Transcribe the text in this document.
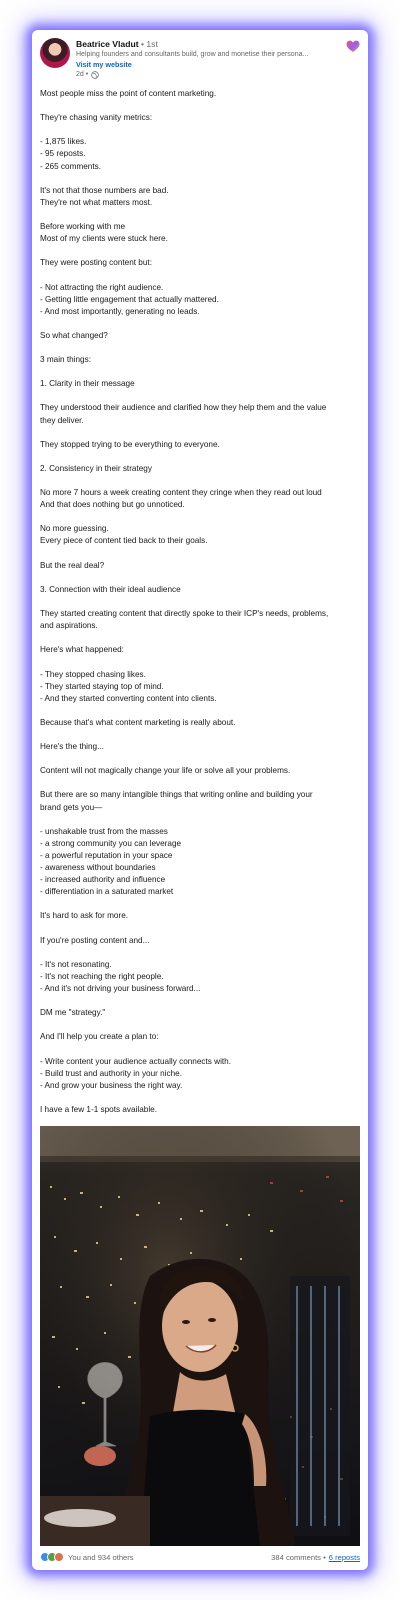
Beatrice Vladut • 1st
Helping founders and consultants build, grow and monetise their persona...
Visit my website
2d •
Most people miss the point of content marketing.
They're chasing vanity metrics:
- 1,875 likes.
- 95 reposts.
- 265 comments.
It's not that those numbers are bad.
They're not what matters most.
Before working with me
Most of my clients were stuck here.
They were posting content but:
- Not attracting the right audience.
- Getting little engagement that actually mattered.
- And most importantly, generating no leads.
So what changed?
3 main things:
1. Clarity in their message
They understood their audience and clarified how they help them and the value
they deliver.
They stopped trying to be everything to everyone.
2. Consistency in their strategy
No more 7 hours a week creating content they cringe when they read out loud
And that does nothing but go unnoticed.
No more guessing.
Every piece of content tied back to their goals.
But the real deal?
3. Connection with their ideal audience
They started creating content that directly spoke to their ICP's needs, problems,
and aspirations.
Here's what happened:
- They stopped chasing likes.
- They started staying top of mind.
- And they started converting content into clients.
Because that's what content marketing is really about.
Here's the thing...
Content will not magically change your life or solve all your problems.
But there are so many intangible things that writing online and building your
brand gets you—
- unshakable trust from the masses
- a strong community you can leverage
- a powerful reputation in your space
- awareness without boundaries
- increased authority and influence
- differentiation in a saturated market
It's hard to ask for more.
If you're posting content and...
- It's not resonating.
- It's not reaching the right people.
- And it's not driving your business forward...
DM me "strategy."
And I'll help you create a plan to:
- Write content your audience actually connects with.
- Build trust and authority in your niche.
- And grow your business the right way.
I have a few 1-1 spots available.
You and 934 others	384 comments • 6 reposts
